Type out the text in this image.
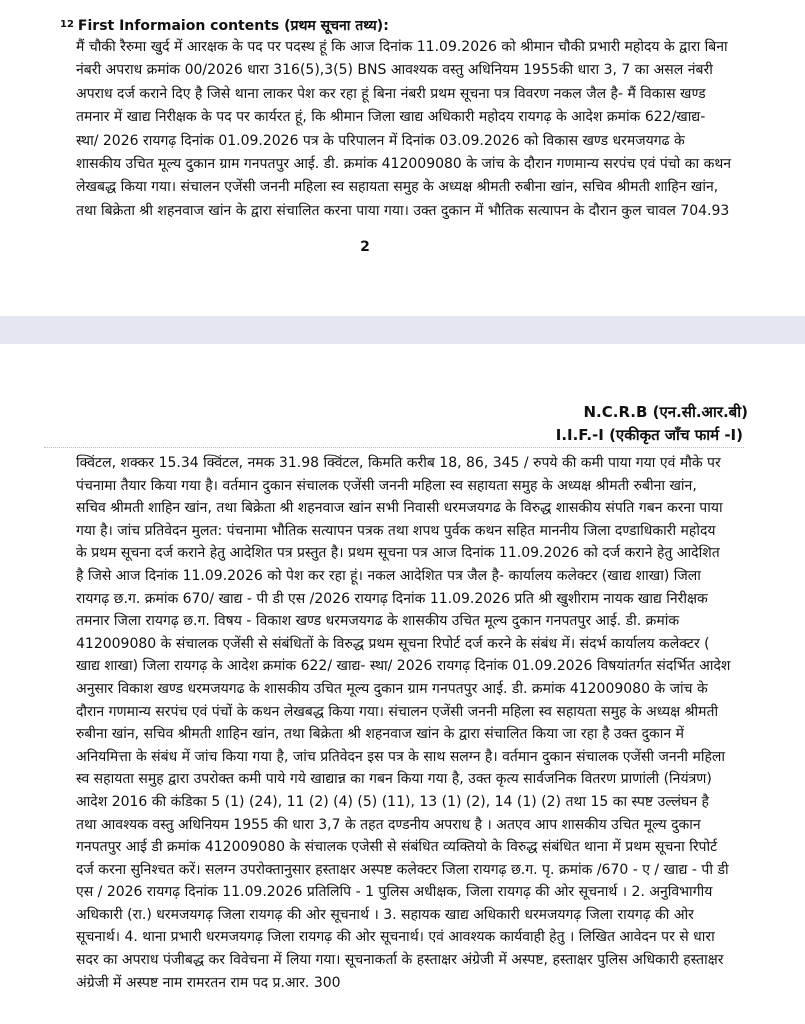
$^{12}$ First Informaion contents (प्रथम सूचना तथ्य):
मैं चौकी रैरुमा खुर्द में आरक्षक के पद पर पदस्थ हूं कि आज दिनांक 11.09.2026 को श्रीमान चौकी प्रभारी महोदय के द्वारा बिना
नंबरी अपराध क्रमांक 00/2026 धारा 316(5),3(5) BNS आवश्यक वस्तु अधिनियम 1955की धारा 3, 7 का असल नंबरी
अपराध दर्ज कराने दिए है जिसे थाना लाकर पेश कर रहा हूं बिना नंबरी प्रथम सूचना पत्र विवरण नकल जैल है- मैं विकास खण्ड
तमनार में खाद्य निरीक्षक के पद पर कार्यरत हूं, कि श्रीमान जिला खाद्य अधिकारी महोदय रायगढ़ के आदेश क्रमांक 622/खाद्य-
स्था/ 2026 रायगढ़ दिनांक 01.09.2026 पत्र के परिपालन में दिनांक 03.09.2026 को विकास खण्ड धरमजयगढ के
शासकीय उचित मूल्य दुकान ग्राम गनपतपुर आई. डी. क्रमांक 412009080 के जांच के दौरान गणमान्य सरपंच एवं पंचो का कथन
लेखबद्ध किया गया। संचालन एजेंसी जननी महिला स्व सहायता समुह के अध्यक्ष श्रीमती रुबीना खांन, सचिव श्रीमती शाहिन खांन,
तथा बिक्रेता श्री शहनवाज खांन के द्वारा संचालित करना पाया गया। उक्त दुकान में भौतिक सत्यापन के दौरान कुल चावल 704.93
2
N.C.R.B (एन.सी.आर.बी)
I.I.F.-I (एकीकृत जाँच फार्म -I)
क्विंटल, शक्कर 15.34 क्विंटल, नमक 31.98 क्विंटल, किमति करीब 18, 86, 345 / रुपये की कमी पाया गया एवं मौके पर
पंचनामा तैयार किया गया है। वर्तमान दुकान संचालक एजेंसी जननी महिला स्व सहायता समुह के अध्यक्ष श्रीमती रुबीना खांन,
सचिव श्रीमती शाहिन खांन, तथा बिक्रेता श्री शहनवाज खांन सभी निवासी धरमजयगढ के विरुद्ध शासकीय संपति गबन करना पाया
गया है। जांच प्रतिवेदन मुलत: पंचनामा भौतिक सत्यापन पत्रक तथा शपथ पुर्वक कथन सहित माननीय जिला दण्डाधिकारी महोदय
के प्रथम सूचना दर्ज कराने हेतु आदेशित पत्र प्रस्तुत है। प्रथम सूचना पत्र आज दिनांक 11.09.2026 को दर्ज कराने हेतु आदेशित
है जिसे आज दिनांक 11.09.2026 को पेश कर रहा हूं। नकल आदेशित पत्र जैल है- कार्यालय कलेक्टर (खाद्य शाखा) जिला
रायगढ़ छ.ग. क्रमांक 670/ खाद्य - पी डी एस /2026 रायगढ़ दिनांक 11.09.2026 प्रति श्री खुशीराम नायक खाद्य निरीक्षक
तमनार जिला रायगढ़ छ.ग. विषय - विकाश खण्ड धरमजयगढ के शासकीय उचित मूल्य दुकान गनपतपुर आई. डी. क्रमांक
412009080 के संचालक एजेंसी से संबंधितों के विरुद्ध प्रथम सूचना रिपोर्ट दर्ज करने के संबंध में। संदर्भ कार्यालय कलेक्टर (
खाद्य शाखा) जिला रायगढ़ के आदेश क्रमांक 622/ खाद्य- स्था/ 2026 रायगढ़ दिनांक 01.09.2026 विषयांतर्गत संदर्भित आदेश
अनुसार विकाश खण्ड धरमजयगढ के शासकीय उचित मूल्य दुकान ग्राम गनपतपुर आई. डी. क्रमांक 412009080 के जांच के
दौरान गणमान्य सरपंच एवं पंचों के कथन लेखबद्ध किया गया। संचालन एजेंसी जननी महिला स्व सहायता समुह के अध्यक्ष श्रीमती
रुबीना खांन, सचिव श्रीमती शाहिन खांन, तथा बिक्रेता श्री शहनवाज खांन के द्वारा संचालित किया जा रहा है उक्त दुकान में
अनियमित्ता के संबंध में जांच किया गया है, जांच प्रतिवेदन इस पत्र के साथ सलग्न है। वर्तमान दुकान संचालक एजेंसी जननी महिला
स्व सहायता समुह द्वारा उपरोक्त कमी पाये गये खाद्यान्न का गबन किया गया है, उक्त कृत्य सार्वजनिक वितरण प्राणांली (नियंत्रण)
आदेश 2016 की कंडिका 5 (1) (24), 11 (2) (4) (5) (11), 13 (1) (2), 14 (1) (2) तथा 15 का स्पष्ट उल्लंघन है
तथा आवश्यक वस्तु अधिनियम 1955 की धारा 3,7 के तहत दण्डनीय अपराध है । अतएव आप शासकीय उचित मूल्य दुकान
गनपतपुर आई डी क्रमांक 412009080 के संचालक एजेसी से संबंधित व्यक्तियो के विरुद्ध संबंधित थाना में प्रथम सूचना रिपोर्ट
दर्ज करना सुनिश्चत करें। सलग्न उपरोक्तानुसार हस्ताक्षर अस्पष्ट कलेक्टर जिला रायगढ़ छ.ग. पृ. क्रमांक /670 - ए / खाद्य - पी डी
एस / 2026 रायगढ़ दिनांक 11.09.2026 प्रतिलिपि - 1 पुलिस अधीक्षक, जिला रायगढ़ की ओर सूचनार्थ । 2. अनुविभागीय
अधिकारी (रा.) धरमजयगढ़ जिला रायगढ़ की ओर सूचनार्थ । 3. सहायक खाद्य अधिकारी धरमजयगढ़ जिला रायगढ़ की ओर
सूचनार्थ। 4. थाना प्रभारी धरमजयगढ़ जिला रायगढ़ की ओर सूचनार्थ। एवं आवश्यक कार्यवाही हेतु । लिखित आवेदन पर से धारा
सदर का अपराध पंजीबद्ध कर विवेचना में लिया गया। सूचनाकर्ता के हस्ताक्षर अंग्रेजी में अस्पष्ट, हस्ताक्षर पुलिस अधिकारी हस्ताक्षर
अंग्रेजी में अस्पष्ट नाम रामरतन राम पद प्र.आर. 300
